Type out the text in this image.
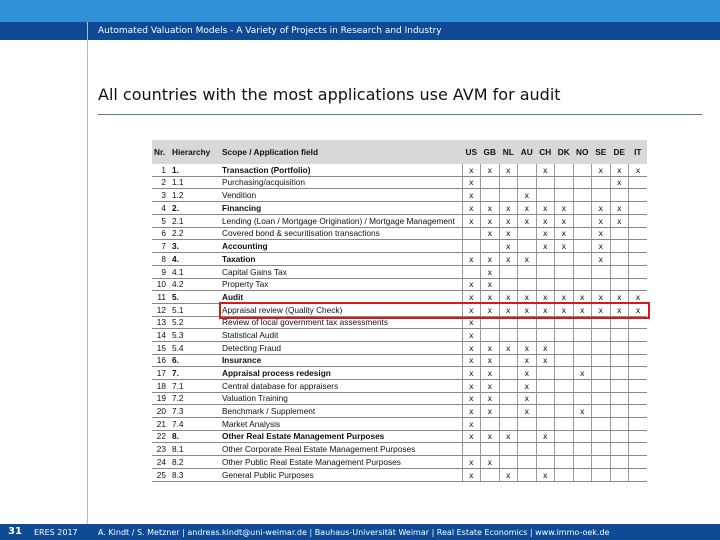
Automated Valuation Models - A Variety of Projects in Research and Industry
All countries with the most applications use AVM for audit
Nr.	Hierarchy	Scope / Application field	US	GB	NL	AU	CH	DK	NO	SE	DE	IT
1	1.	Transaction (Portfolio)	x	x	x		x			x	x	x
2	1.1	Purchasing/acquisition	x								x	
3	1.2	Vendition	x			x						
4	2.	Financing	x	x	x	x	x	x		x	x	
5	2.1	Lending (Loan / Mortgage Origination) / Mortgage Management	x	x	x	x	x	x		x	x	
6	2.2	Covered bond & securitisation transactions		x	x		x	x		x		
7	3.	Accounting			x		x	x		x		
8	4.	Taxation	x	x	x	x				x		
9	4.1	Capital Gains Tax		x								
10	4.2	Property Tax	x	x								
11	5.	Audit	x	x	x	x	x	x	x	x	x	x
12	5.1	Appraisal review (Quality Check)	x	x	x	x	x	x	x	x	x	x
13	5.2	Review of local government tax assessments	x									
14	5.3	Statistical Audit	x									
15	5.4	Detecting Fraud	x	x	x	x	x					
16	6.	Insurance	x	x		x	x					
17	7.	Appraisal process redesign	x	x		x			x			
18	7.1	Central database for appraisers	x	x		x						
19	7.2	Valuation Training	x	x		x						
20	7.3	Benchmark / Supplement	x	x		x			x			
21	7.4	Market Analysis	x									
22	8.	Other Real Estate Management Purposes	x	x	x		x					
23	8.1	Other Corporate Real Estate Management Purposes										
24	8.2	Other Public Real Estate Management Purposes	x	x								
25	8.3	General Public Purposes	x		x		x					
31 ERES 2017	A. Kindt / S. Metzner | andreas.kindt@uni-weimar.de | Bauhaus-Universität Weimar | Real Estate Economics | www.immo-oek.de
